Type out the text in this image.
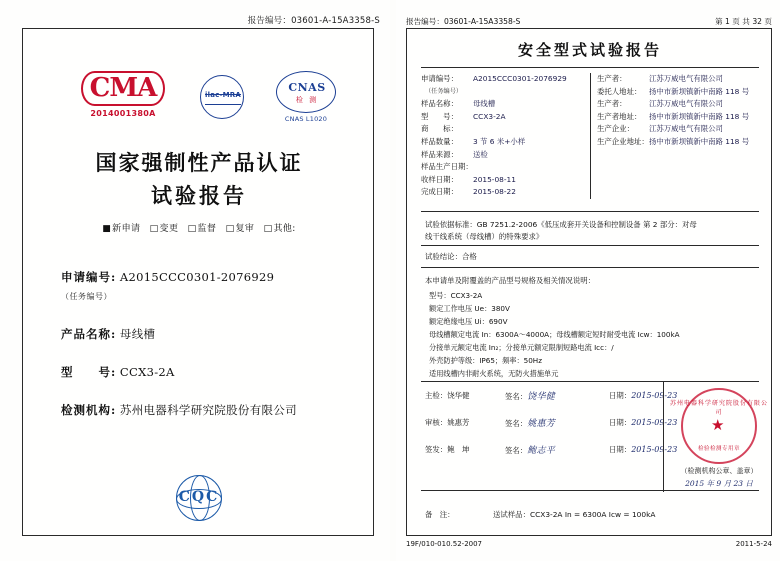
报告编号：03601-A-15A3358-S
CMA
2014001380A
ilac-MRA
CNAS
检 测
CNAS L1020
国家强制性产品认证
试验报告
■新申请 □变更 □监督 □复审 □其他:
申请编号: A2015CCC0301-2076929
（任务编号）
产品名称: 母线槽
型　　号: CCX3-2A
检测机构: 苏州电器科学研究院股份有限公司
CQC
报告编号：03601-A-15A3358-S	第 1 页 共 32 页
安全型式试验报告
申请编号： A2015CCC0301-2076929
（任务编号）
样品名称： 母线槽
型　　号： CCX3-2A
商　　标：
样品数量： 3 节 6 米+小样
样品来源： 送检
样品生产日期：
收样日期： 2015-08-11
完成日期： 2015-08-22
生产者：	江苏万威电气有限公司
委托人地址： 扬中市新坝镇新中南路 118 号
生产者：	江苏万威电气有限公司
生产者地址： 扬中市新坝镇新中南路 118 号
生产企业： 江苏万威电气有限公司
生产企业地址：扬中市新坝镇新中南路 118 号
试验依据标准：GB 7251.2-2006《低压成套开关设备和控制设备 第 2 部分：对母
线干线系统（母线槽）的特殊要求》
试验结论：合格
本申请单及附覆盖的产品型号规格及相关情况说明：
型号：CCX3-2A
额定工作电压 Ue：380V
额定绝缘电压 Ui：690V
母线槽额定电流 In：6300A～4000A；母线槽额定短时耐受电流 Icw：100kA
分接单元额定电流 In₂；分接单元额定限制短路电流 Icc：/
外壳防护等级：IP65；频率：50Hz
适用线槽内非耐火系统，无防火措施单元
主检：饶华健	签名：饶华健	日期：2015-09-23
审核：姚惠芳	签名：姚惠芳	日期：2015-09-23
签发：鲍　坤	签名：鲍志平	日期：2015-09-23
苏州电器科学研究院股份有限公司
★
检验检测专用章
（检测机构公章、盖章）
2015 年 9 月 23 日
备　注：	送试样品：CCX3-2A In = 6300A Icw = 100kA
19F/010-010.52-2007	2011-5-24
